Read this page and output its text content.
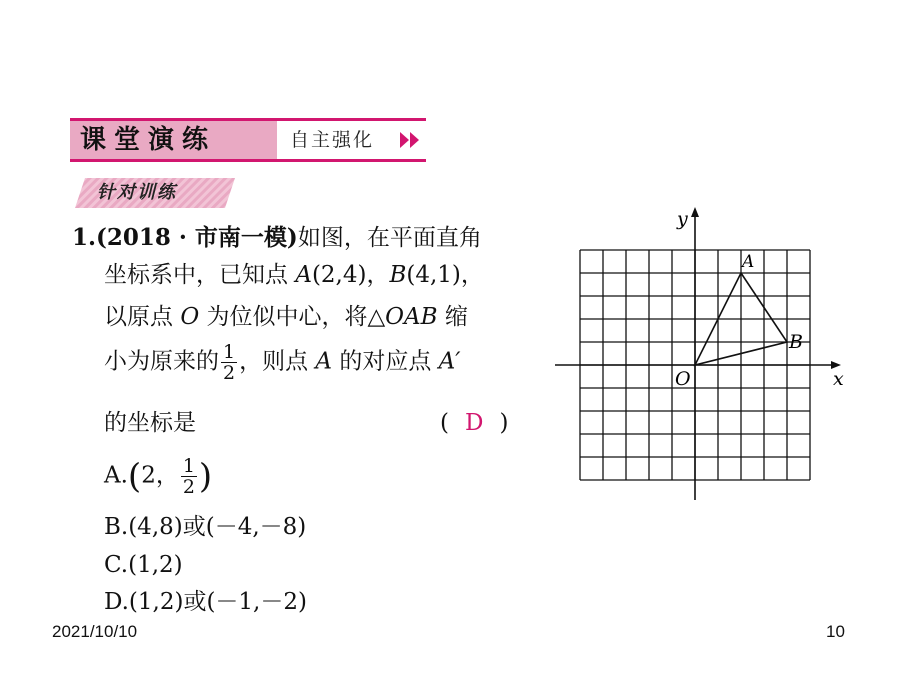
课堂演练	自主强化
针对训练
1.(2018 · 市南一模)如图，在平面直角
坐标系中，已知点 A(2,4)，B(4,1)，
以原点 O 为位似中心，将△OAB 缩
小为原来的 $\frac{1}{2}$ ，则点 A 的对应点 A′
的坐标是	( D )
A.(2， $\frac{1}{2}$ )
B.(4,8)或(－4,－8)
C.(1,2)
D.(1,2)或(－1,－2)
x
y
O
A
B
2021/10/10	10
